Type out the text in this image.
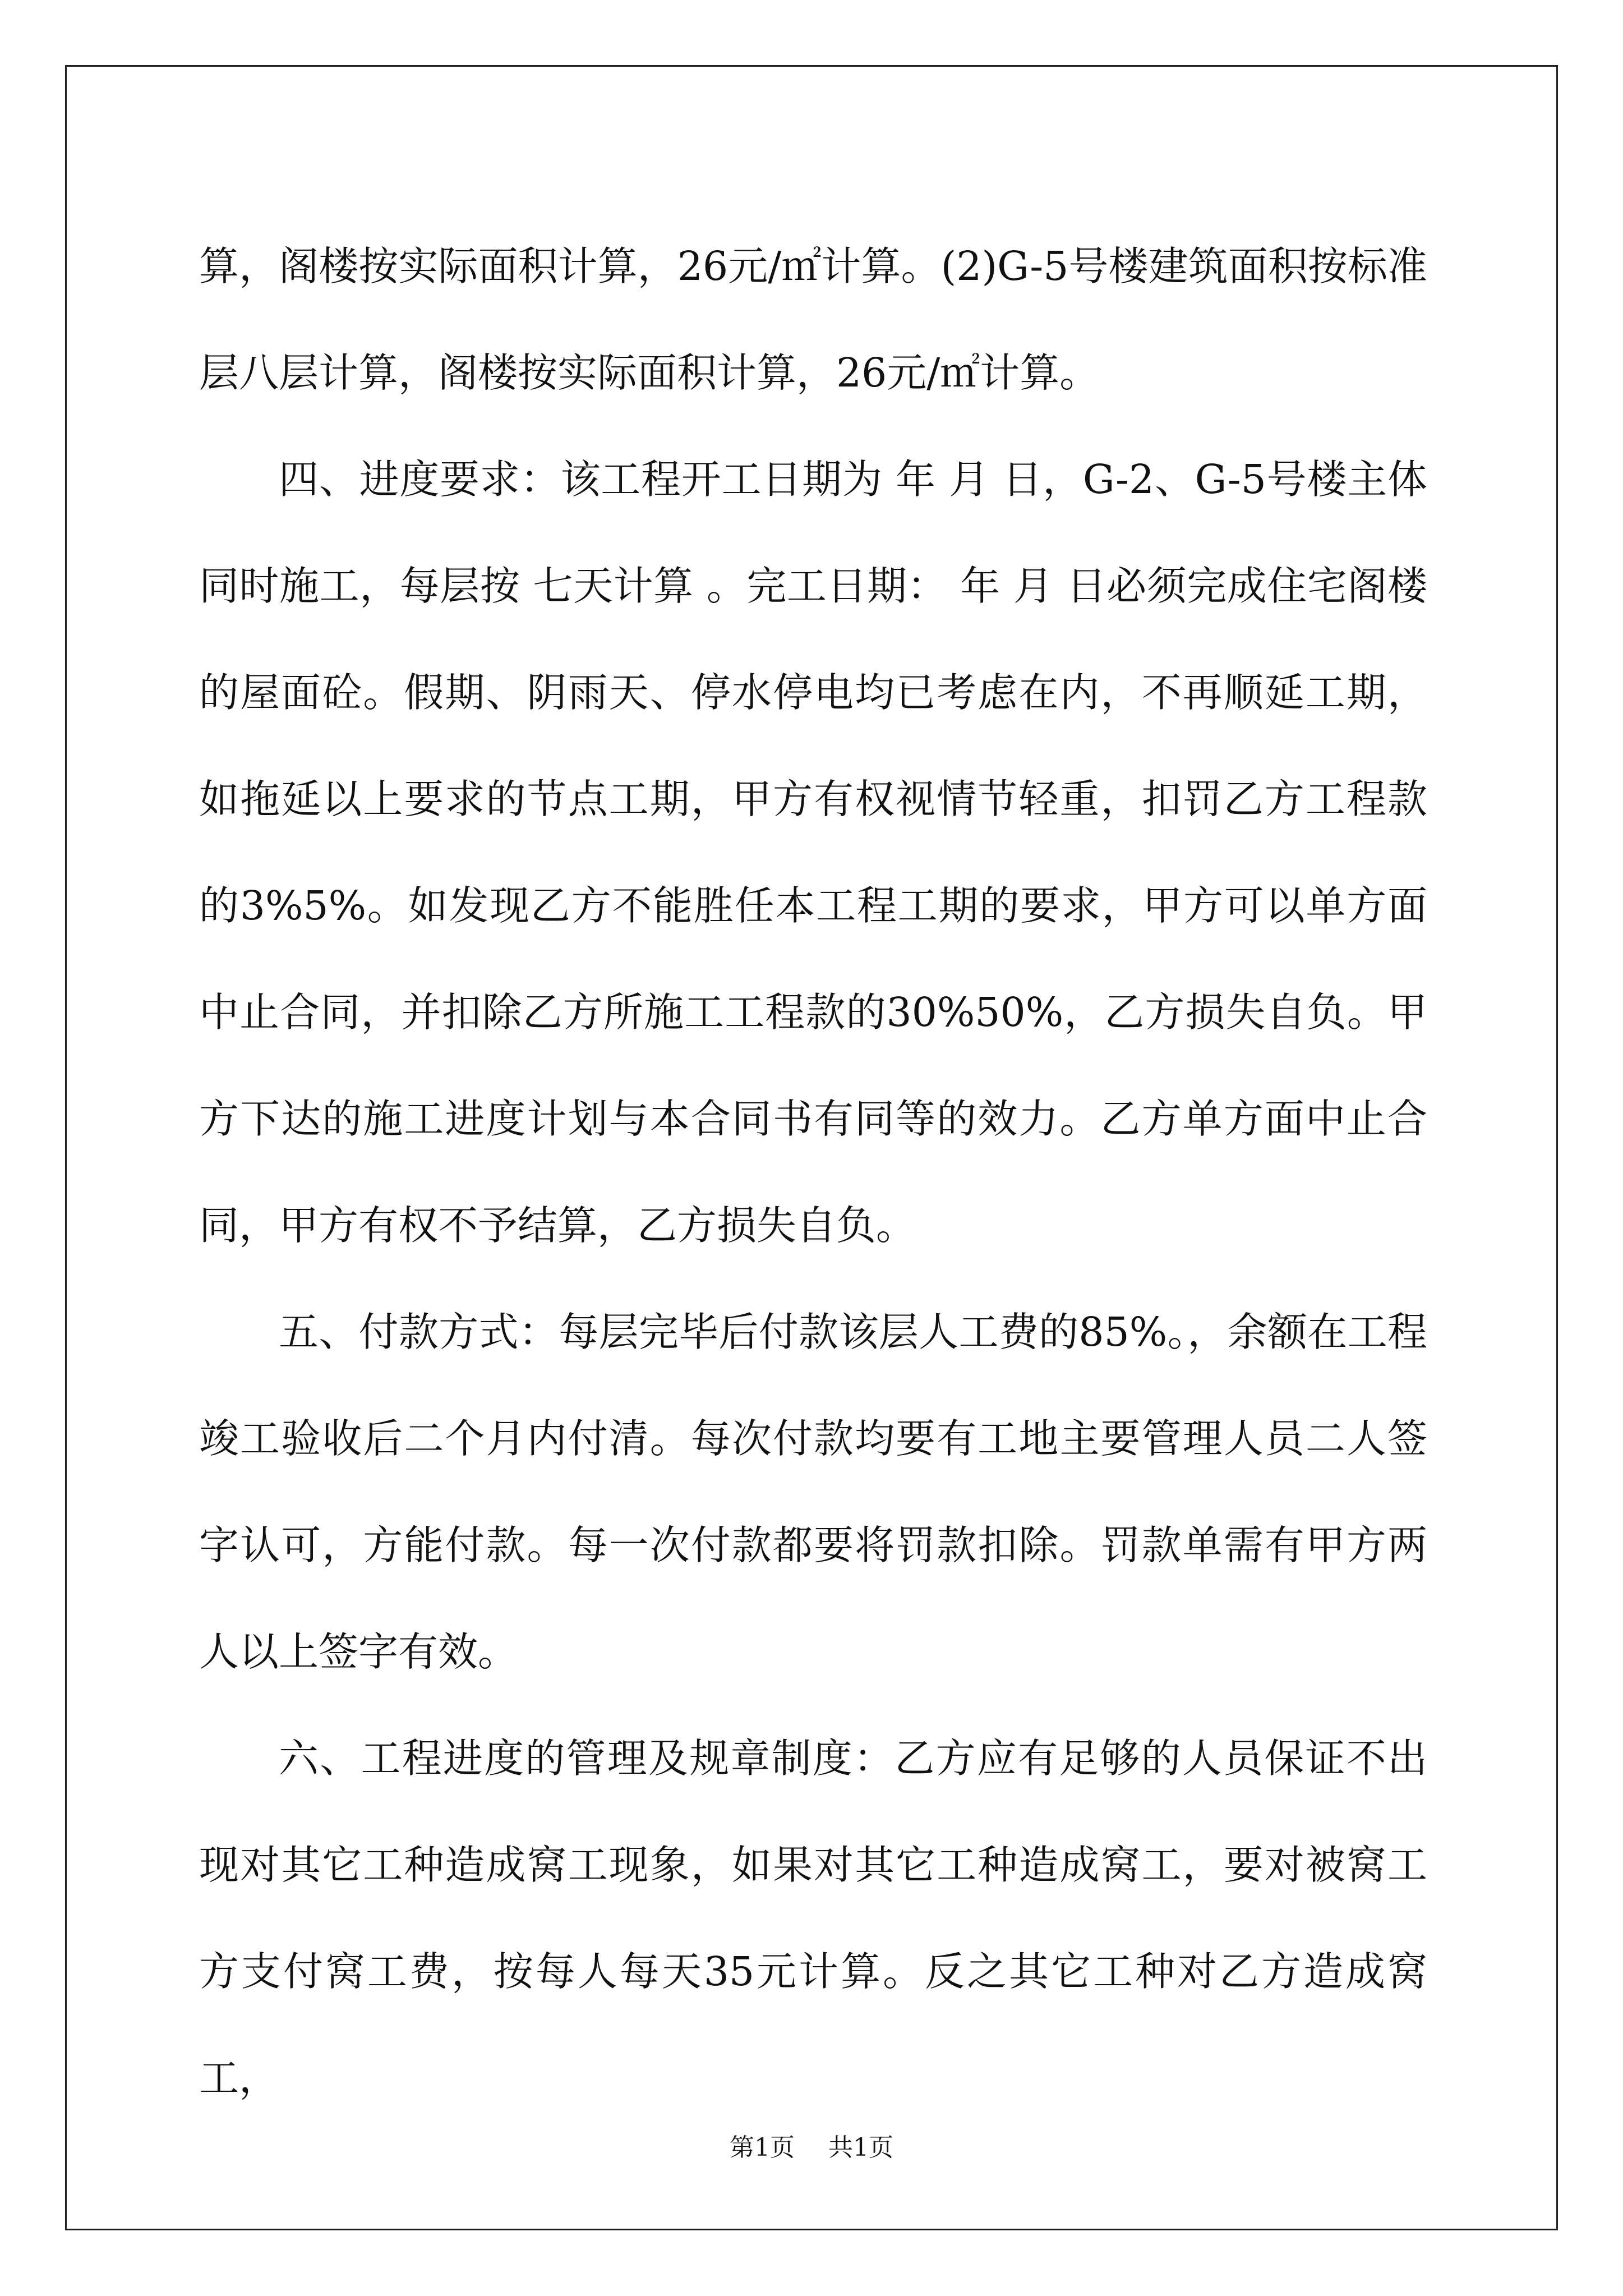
算，阁楼按实际面积计算，26元/㎡计算。(2)G-5号楼建筑面积按标准层八层计算，阁楼按实际面积计算，26元/㎡计算。

四、进度要求：该工程开工日期为 年 月 日，G-2、G-5号楼主体同时施工，每层按 七天计算 。完工日期： 年 月 日必须完成住宅阁楼的屋面砼。假期、阴雨天、停水停电均已考虑在内，不再顺延工期，如拖延以上要求的节点工期，甲方有权视情节轻重，扣罚乙方工程款的3%5%。如发现乙方不能胜任本工程工期的要求，甲方可以单方面中止合同，并扣除乙方所施工工程款的30%50%，乙方损失自负。甲方下达的施工进度计划与本合同书有同等的效力。乙方单方面中止合同，甲方有权不予结算，乙方损失自负。

五、付款方式：每层完毕后付款该层人工费的85%。，余额在工程竣工验收后二个月内付清。每次付款均要有工地主要管理人员二人签字认可，方能付款。每一次付款都要将罚款扣除。罚款单需有甲方两人以上签字有效。

六、工程进度的管理及规章制度：乙方应有足够的人员保证不出现对其它工种造成窝工现象，如果对其它工种造成窝工，要对被窝工方支付窝工费，按每人每天35元计算。反之其它工种对乙方造成窝工，

第1页 共1页
